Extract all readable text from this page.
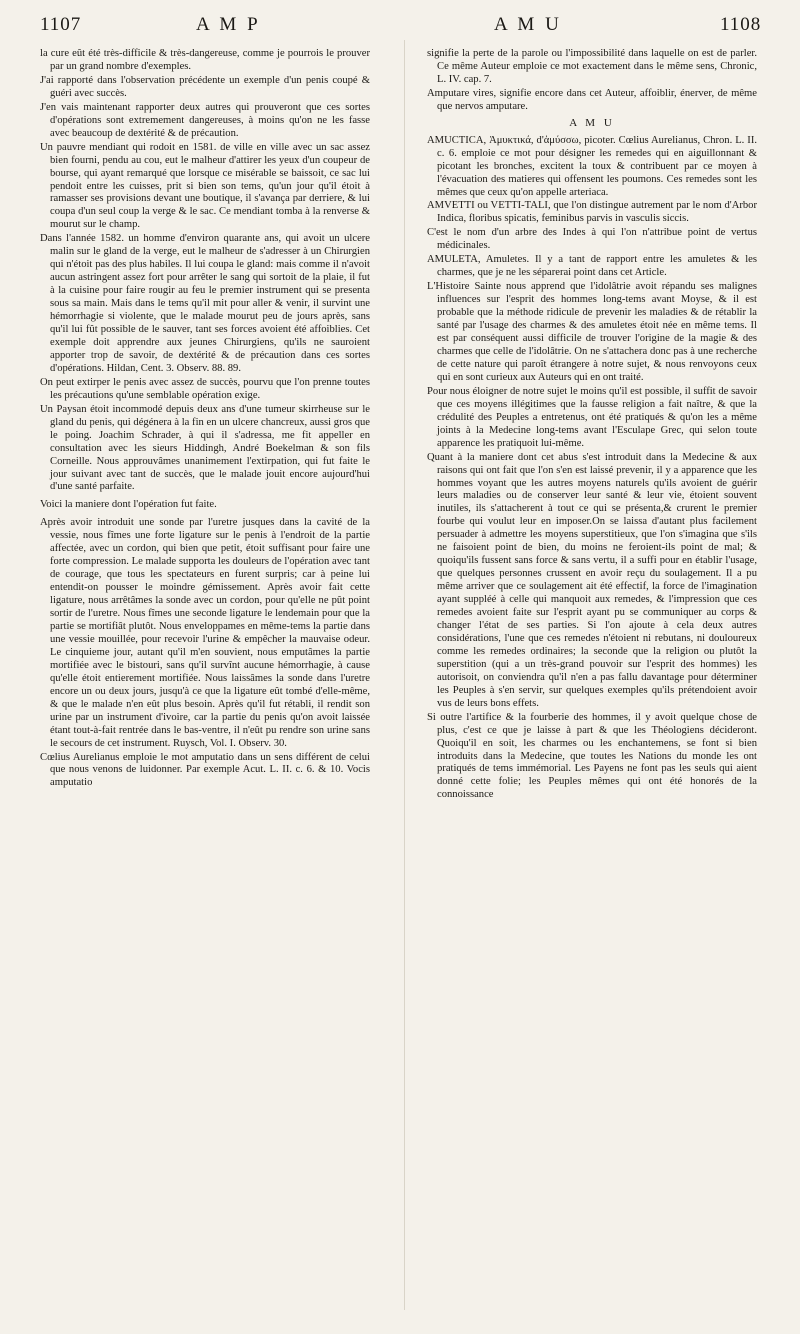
1107	A M P	A M U	1108

la cure eût été très-difficile & très-dangereuse, comme je pourrois le prouver par un grand nombre d'exemples.

J'ai rapporté dans l'observation précédente un exemple d'un penis coupé & guéri avec succès.

J'en vais maintenant rapporter deux autres qui prouveront que ces sortes d'opérations sont extremement dangereuses, à moins qu'on ne les fasse avec beaucoup de dextérité & de précaution.

Un pauvre mendiant qui rodoit en 1581. de ville en ville avec un sac assez bien fourni, pendu au cou, eut le malheur d'attirer les yeux d'un coupeur de bourse, qui ayant remarqué que lorsque ce misérable se baissoit, ce sac lui pendoit entre les cuisses, prit si bien son tems, qu'un jour qu'il étoit à ramasser ses provisions devant une boutique, il s'avança par derriere, & lui coupa d'un seul coup la verge & le sac. Ce mendiant tomba à la renverse & mourut sur le champ.

Dans l'année 1582. un homme d'environ quarante ans, qui avoit un ulcere malin sur le gland de la verge, eut le malheur de s'adresser à un Chirurgien qui n'étoit pas des plus habiles. Il lui coupa le gland: mais comme il n'avoit aucun astringent assez fort pour arrêter le sang qui sortoit de la plaie, il fut à la cuisine pour faire rougir au feu le premier instrument qui se presenta sous sa main. Mais dans le tems qu'il mit pour aller & venir, il survint une hémorrhagie si violente, que le malade mourut peu de jours après, sans qu'il lui fût possible de le sauver, tant ses forces avoient été affoiblies. Cet exemple doit apprendre aux jeunes Chirurgiens, qu'ils ne sauroient apporter trop de savoir, de dextérité & de précaution dans ces sortes d'opérations. Hildan, Cent. 3. Observ. 88. 89.

On peut extirper le penis avec assez de succès, pourvu que l'on prenne toutes les précautions qu'une semblable opération exige.

Un Paysan étoit incommodé depuis deux ans d'une tumeur skirrheuse sur le gland du penis, qui dégénera à la fin en un ulcere chancreux, aussi gros que le poing. Joachim Schrader, à qui il s'adressa, me fit appeller en consultation avec les sieurs Hiddingh, André Boekelman & son fils Corneille. Nous approuvâmes unanimement l'extirpation, qui fut faite le jour suivant avec tant de succès, que le malade jouit encore aujourd'hui d'une santé parfaite.

Voici la maniere dont l'opération fut faite.

Après avoir introduit une sonde par l'uretre jusques dans la cavité de la vessie, nous fîmes une forte ligature sur le penis à l'endroit de la partie affectée, avec un cordon, qui bien que petit, étoit suffisant pour faire une forte compression. Le malade supporta les douleurs de l'opération avec tant de courage, que tous les spectateurs en furent surpris; car à peine lui entendit-on pousser le moindre gémissement. Après avoir fait cette ligature, nous arrêtâmes la sonde avec un cordon, pour qu'elle ne pût point sortir de l'uretre. Nous fîmes une seconde ligature le lendemain pour que la partie se mortifiât plutôt. Nous enveloppames en même-tems la partie dans une vessie mouillée, pour recevoir l'urine & empêcher la mauvaise odeur. Le cinquieme jour, autant qu'il m'en souvient, nous emputâmes la partie mortifiée avec le bistouri, sans qu'il survînt aucune hémorrhagie, à cause qu'elle étoit entierement mortifiée. Nous laissâmes la sonde dans l'uretre encore un ou deux jours, jusqu'à ce que la ligature eût tombé d'elle-même, & que le malade n'en eût plus besoin. Après qu'il fut rétabli, il rendit son urine par un instrument d'ivoire, car la partie du penis qu'on avoit laissée étant tout-à-fait rentrée dans le bas-ventre, il n'eût pu rendre son urine sans le secours de cet instrument. Ruysch, Vol. I. Observ. 30.

Cœlius Aurelianus emploie le mot amputatio dans un sens différent de celui que nous venons de luidonner. Par exemple Acut. L. II. c. 6. & 10. Vocis amputatio

signifie la perte de la parole ou l'impossibilité dans laquelle on est de parler. Ce même Auteur emploie ce mot exactement dans le même sens, Chronic, L. IV. cap. 7.

Amputare vires, signifie encore dans cet Auteur, affoiblir, énerver, de même que nervos amputare.

A M U

AMUCTICA, Ἀμυκτικά, d'ἀμύσσω, picoter. Cœlius Aurelianus, Chron. L. II. c. 6. emploie ce mot pour désigner les remedes qui en aiguillonnant & picotant les bronches, excitent la toux & contribuent par ce moyen à l'évacuation des matieres qui offensent les poumons. Ces remedes sont les mêmes que ceux qu'on appelle arteriaca.

AMVETTI ou VETTI-TALI, que l'on distingue autrement par le nom d'Arbor Indica, floribus spicatis, feminibus parvis in vasculis siccis.

C'est le nom d'un arbre des Indes à qui l'on n'attribue point de vertus médicinales.

AMULETA, Amuletes. Il y a tant de rapport entre les amuletes & les charmes, que je ne les séparerai point dans cet Article.

L'Histoire Sainte nous apprend que l'idolâtrie avoit répandu ses malignes influences sur l'esprit des hommes long-tems avant Moyse, & il est probable que la méthode ridicule de prevenir les maladies & de rétablir la santé par l'usage des charmes & des amuletes étoit née en même tems. Il est par conséquent aussi difficile de trouver l'origine de la magie & des charmes que celle de l'idolâtrie. On ne s'attachera donc pas à une recherche de cette nature qui paroît étrangere à notre sujet, & nous renvoyons ceux qui en sont curieux aux Auteurs qui en ont traité.

Pour nous éloigner de notre sujet le moins qu'il est possible, il suffit de savoir que ces moyens illégitimes que la fausse religion a fait naître, & que la crédulité des Peuples a entretenus, ont été pratiqués & qu'on les a même joints à la Medecine long-tems avant l'Esculape Grec, qui selon toute apparence les pratiquoit lui-même.

Quant à la maniere dont cet abus s'est introduit dans la Medecine & aux raisons qui ont fait que l'on s'en est laissé prevenir, il y a apparence que les hommes voyant que les autres moyens naturels qu'ils avoient de guérir leurs maladies ou de conserver leur santé & leur vie, étoient souvent inutiles, ils s'attacherent à tout ce qui se présenta,& crurent le premier fourbe qui voulut leur en imposer.On se laissa d'autant plus facilement persuader à admettre les moyens superstitieux, que l'on s'imagina que s'ils ne faisoient point de bien, du moins ne feroient-ils point de mal; & quoiqu'ils fussent sans force & sans vertu, il a suffi pour en établir l'usage, que quelques personnes crussent en avoir reçu du soulagement. Il a pu même arriver que ce soulagement ait été effectif, la force de l'imagination ayant suppléé à celle qui manquoit aux remedes, & l'impression que ces remedes avoient faite sur l'esprit ayant pu se communiquer au corps & changer l'état de ses parties. Si l'on ajoute à cela deux autres considérations, l'une que ces remedes n'étoient ni rebutans, ni douloureux comme les remedes ordinaires; la seconde que la religion ou plutôt la superstition (qui a un très-grand pouvoir sur l'esprit des hommes) les autorisoit, on conviendra qu'il n'en a pas fallu davantage pour déterminer les Peuples à s'en servir, sur quelques exemples qu'ils prétendoient avoir vus de leurs bons effets.

Si outre l'artifice & la fourberie des hommes, il y avoit quelque chose de plus, c'est ce que je laisse à part & que les Théologiens décideront. Quoiqu'il en soit, les charmes ou les enchantemens, se font si bien introduits dans la Medecine, que toutes les Nations du monde les ont pratiqués de tems immémorial. Les Payens ne font pas les seuls qui aient donné cette folie; les Peuples mêmes qui ont été honorés de la connoissance
